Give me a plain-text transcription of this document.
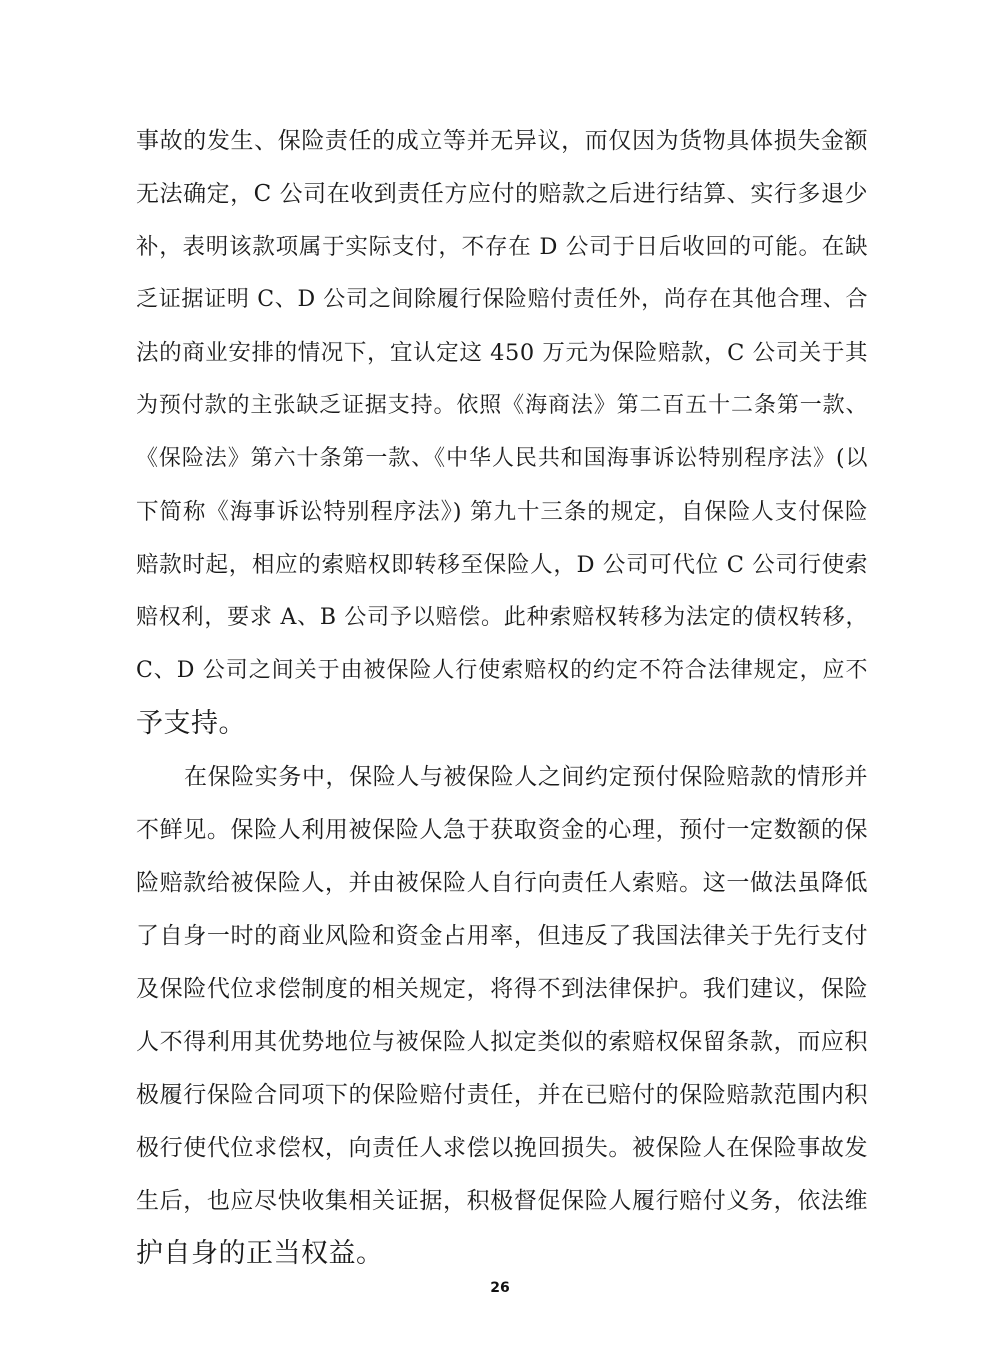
事故的发生、保险责任的成立等并无异议，而仅因为货物具体损失金额
无法确定，C 公司在收到责任方应付的赔款之后进行结算、实行多退少
补，表明该款项属于实际支付，不存在 D 公司于日后收回的可能。在缺
乏证据证明 C、D 公司之间除履行保险赔付责任外，尚存在其他合理、合
法的商业安排的情况下，宜认定这 450 万元为保险赔款，C 公司关于其
为预付款的主张缺乏证据支持。依照《海商法》第二百五十二条第一款、
《保险法》第六十条第一款、《中华人民共和国海事诉讼特别程序法》(以
下简称《海事诉讼特别程序法》) 第九十三条的规定，自保险人支付保险
赔款时起，相应的索赔权即转移至保险人，D 公司可代位 C 公司行使索
赔权利，要求 A、B 公司予以赔偿。此种索赔权转移为法定的债权转移，
C、D 公司之间关于由被保险人行使索赔权的约定不符合法律规定，应不
予支持。
在保险实务中，保险人与被保险人之间约定预付保险赔款的情形并
不鲜见。保险人利用被保险人急于获取资金的心理，预付一定数额的保
险赔款给被保险人，并由被保险人自行向责任人索赔。这一做法虽降低
了自身一时的商业风险和资金占用率，但违反了我国法律关于先行支付
及保险代位求偿制度的相关规定，将得不到法律保护。我们建议，保险
人不得利用其优势地位与被保险人拟定类似的索赔权保留条款，而应积
极履行保险合同项下的保险赔付责任，并在已赔付的保险赔款范围内积
极行使代位求偿权，向责任人求偿以挽回损失。被保险人在保险事故发
生后，也应尽快收集相关证据，积极督促保险人履行赔付义务，依法维
护自身的正当权益。
26
